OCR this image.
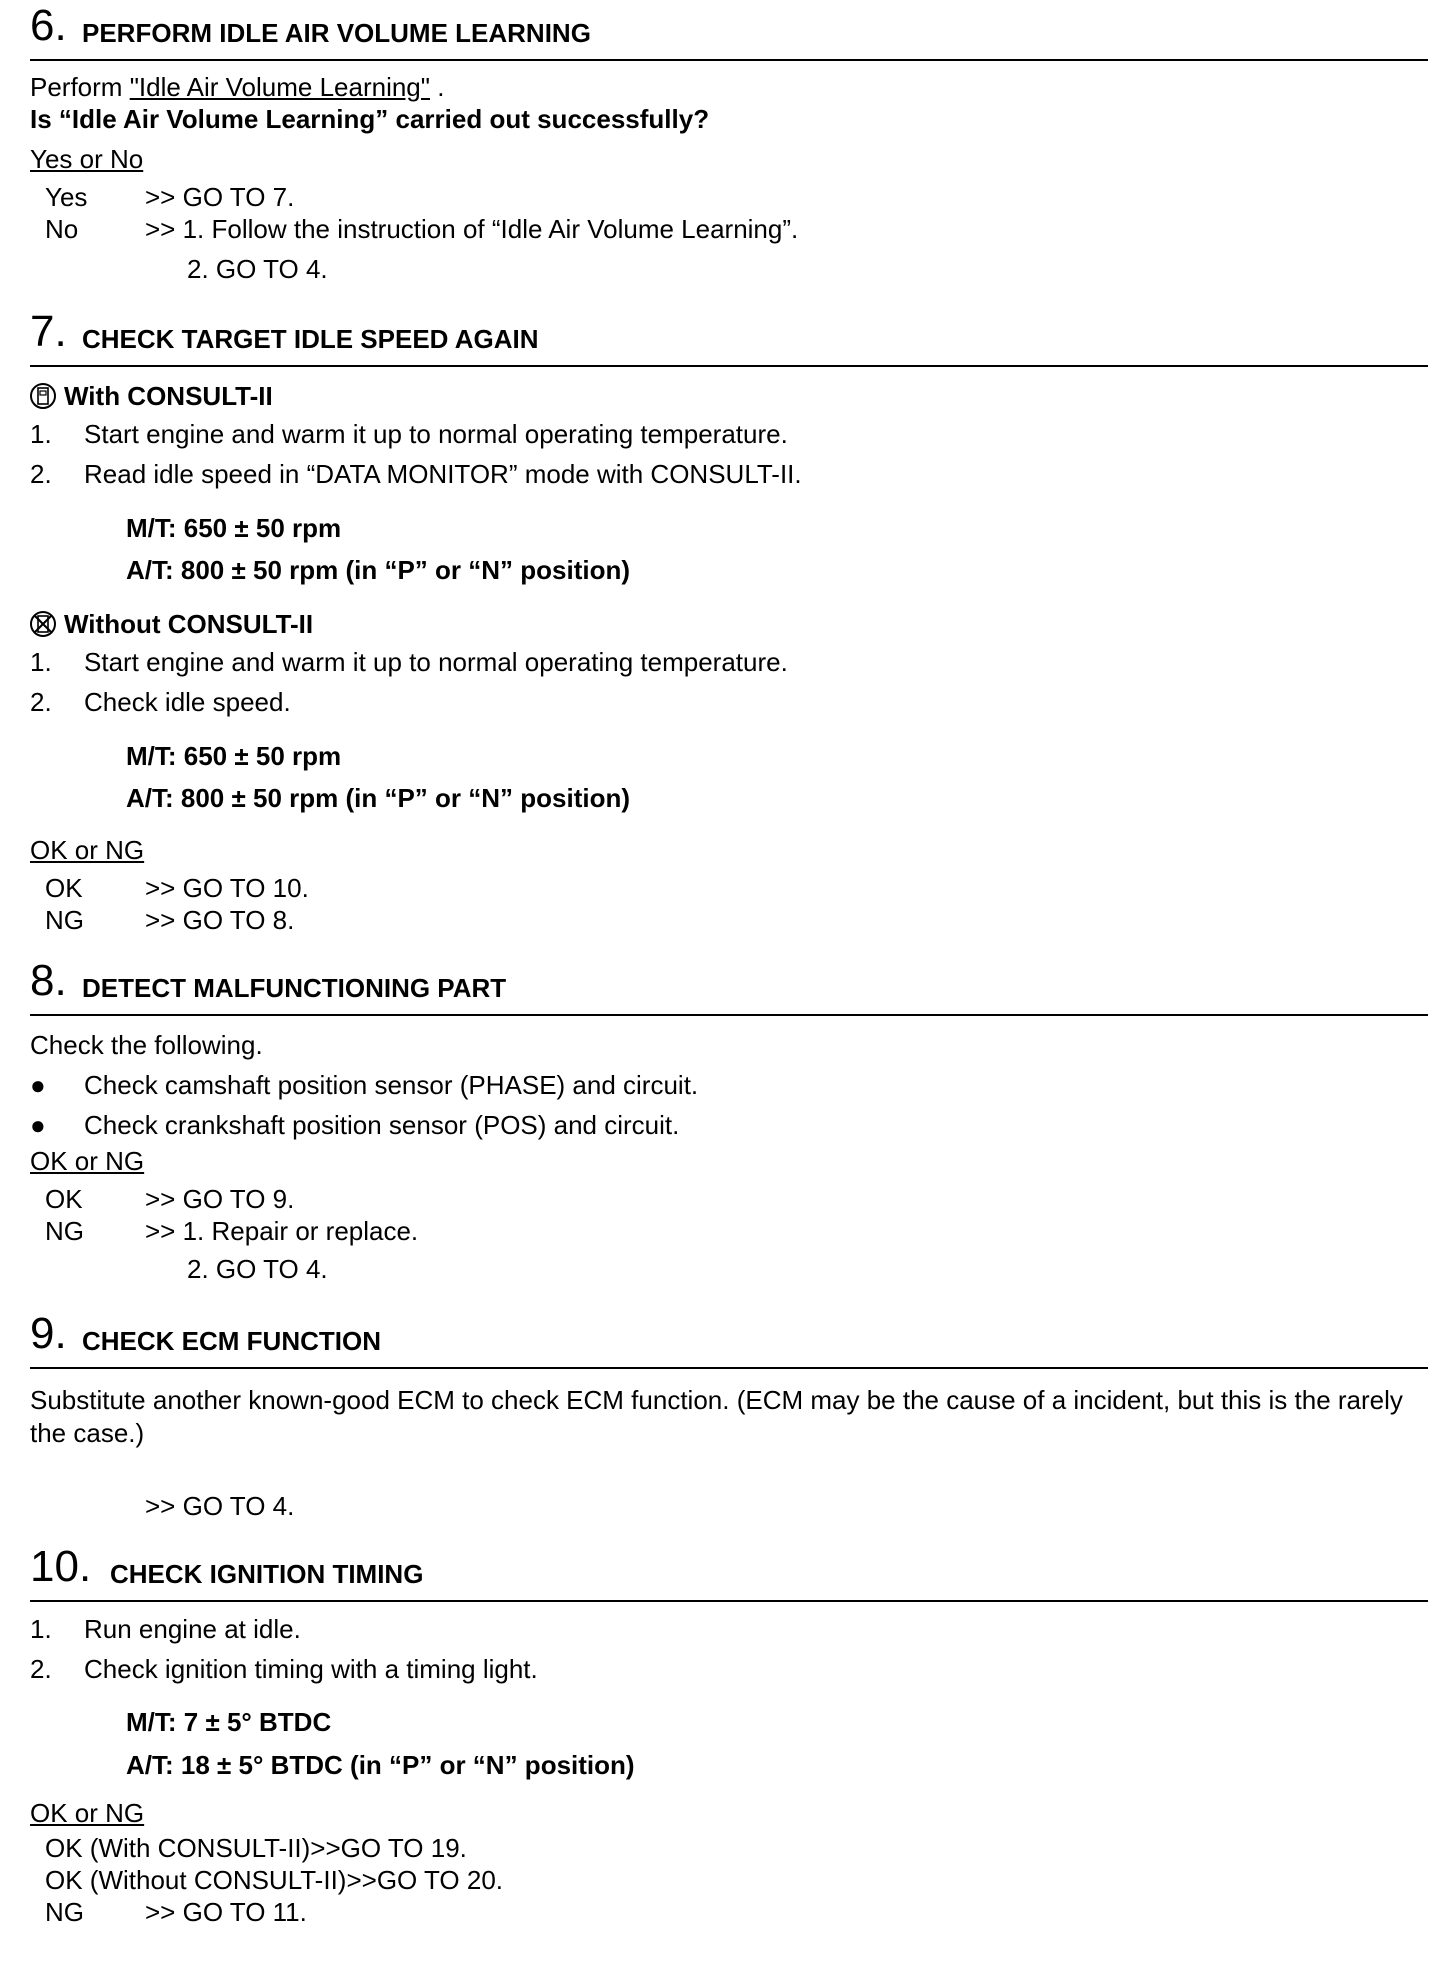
6. PERFORM IDLE AIR VOLUME LEARNING
Perform "Idle Air Volume Learning" .
Is “Idle Air Volume Learning” carried out successfully?
Yes or No
Yes >> GO TO 7.
No	>> 1. Follow the instruction of “Idle Air Volume Learning”.
2. GO TO 4.
7. CHECK TARGET IDLE SPEED AGAIN
With CONSULT-II
1. Start engine and warm it up to normal operating temperature.
2. Read idle speed in “DATA MONITOR” mode with CONSULT-II.
M/T: 650 ± 50 rpm
A/T: 800 ± 50 rpm (in “P” or “N” position)
Without CONSULT-II
1. Start engine and warm it up to normal operating temperature.
2. Check idle speed.
M/T: 650 ± 50 rpm
A/T: 800 ± 50 rpm (in “P” or “N” position)
OK or NG
OK >> GO TO 10.
NG >> GO TO 8.
8. DETECT MALFUNCTIONING PART
Check the following.
● Check camshaft position sensor (PHASE) and circuit.
● Check crankshaft position sensor (POS) and circuit.
OK or NG
OK >> GO TO 9.
NG >> 1. Repair or replace.
2. GO TO 4.
9. CHECK ECM FUNCTION
Substitute another known-good ECM to check ECM function. (ECM may be the cause of a incident, but this is the rarely the case.)
>> GO TO 4.
10. CHECK IGNITION TIMING
1. Run engine at idle.
2. Check ignition timing with a timing light.
M/T: 7 ± 5° BTDC
A/T: 18 ± 5° BTDC (in “P” or “N” position)
OK or NG
OK (With CONSULT-II)>>GO TO 19.
OK (Without CONSULT-II)>>GO TO 20.
NG >> GO TO 11.
